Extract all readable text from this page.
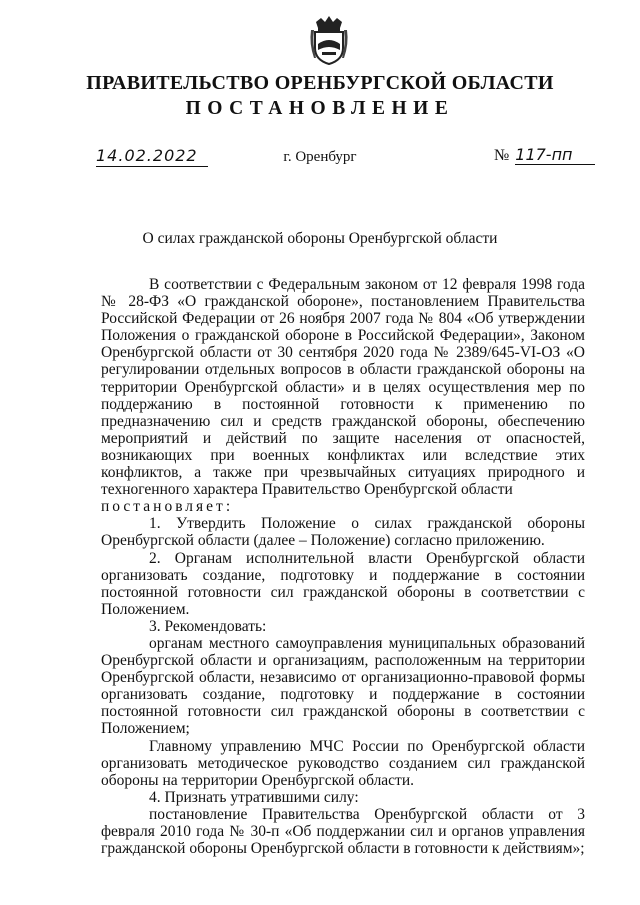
ПРАВИТЕЛЬСТВО ОРЕНБУРГСКОЙ ОБЛАСТИ
ПОСТАНОВЛЕНИЕ
14.02.2022	г. Оренбург	№ 117-пп
О силах гражданской обороны Оренбургской области

В соответствии с Федеральным законом от 12 февраля 1998 года № 28-ФЗ «О гражданской обороне», постановлением Правительства Российской Федерации от 26 ноября 2007 года № 804 «Об утверждении Положения о гражданской обороне в Российской Федерации», Законом Оренбургской области от 30 сентября 2020 года № 2389/645-VI-ОЗ «О регулировании отдельных вопросов в области гражданской обороны на территории Оренбургской области» и в целях осуществления мер по поддержанию в постоянной готовности к применению по предназначению сил и средств гражданской обороны, обеспечению мероприятий и действий по защите населения от опасностей, возникающих при военных конфликтах или вследствие этих конфликтов, а также при чрезвычайных ситуациях природного и техногенного характера Правительство Оренбургской области

постановляет:

1. Утвердить Положение о силах гражданской обороны Оренбургской области (далее – Положение) согласно приложению.

2. Органам исполнительной власти Оренбургской области организовать создание, подготовку и поддержание в состоянии постоянной готовности сил гражданской обороны в соответствии с Положением.

3. Рекомендовать:

органам местного самоуправления муниципальных образований Оренбургской области и организациям, расположенным на территории Оренбургской области, независимо от организационно-правовой формы организовать создание, подготовку и поддержание в состоянии постоянной готовности сил гражданской обороны в соответствии с Положением;

Главному управлению МЧС России по Оренбургской области организовать методическое руководство созданием сил гражданской обороны на территории Оренбургской области.

4. Признать утратившими силу:

постановление Правительства Оренбургской области от 3 февраля 2010 года № 30-п «Об поддержании сил и органов управления гражданской обороны Оренбургской области в готовности к действиям»;
